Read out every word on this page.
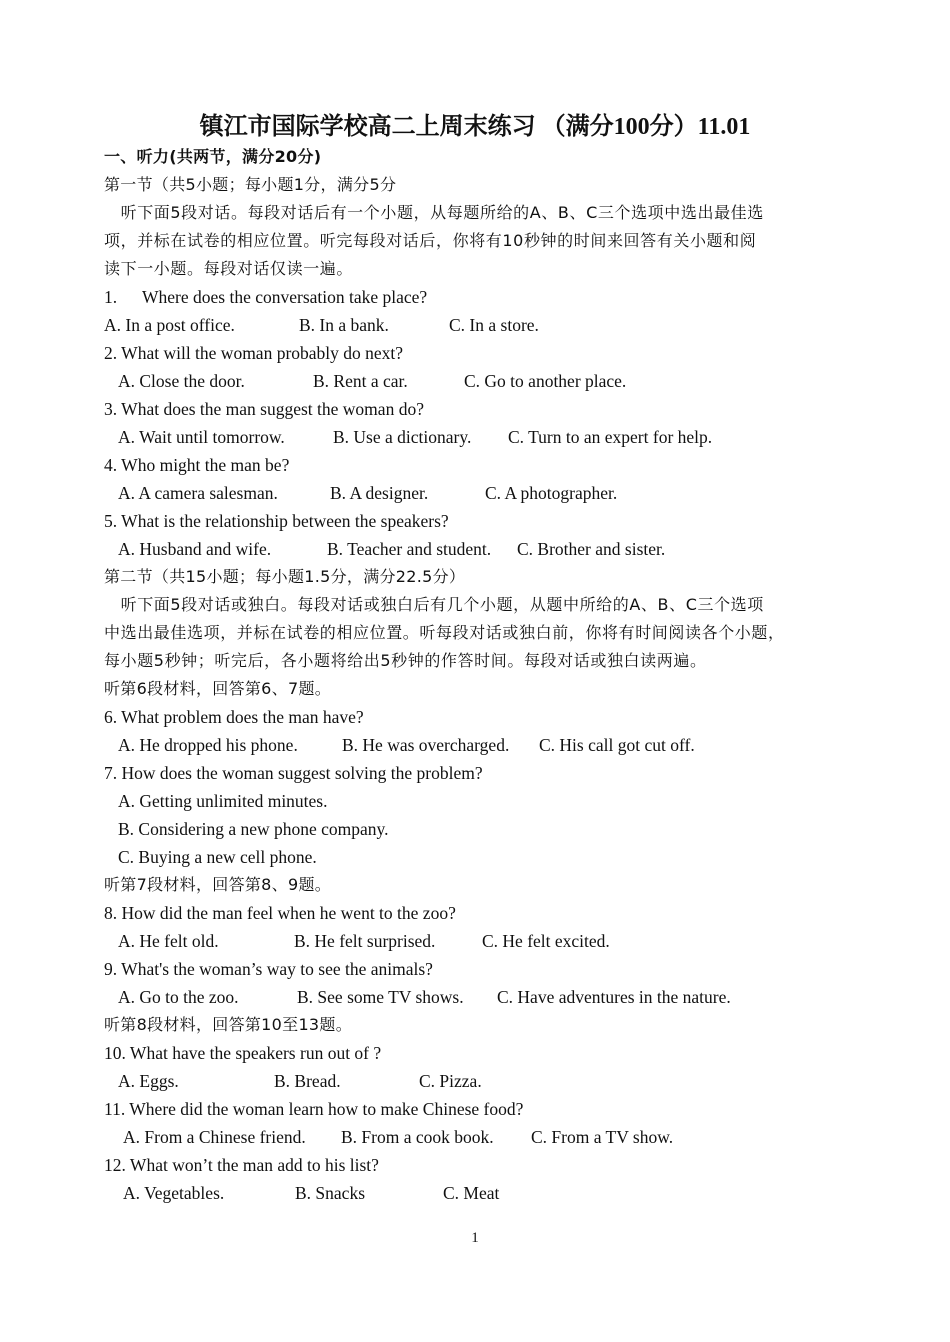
镇江市国际学校高二上周末练习 （满分100分）11.01
一、听力(共两节，满分20分)
第一节（共5小题；每小题1分，满分5分
　听下面5段对话。每段对话后有一个小题，从每题所给的A、B、C三个选项中选出最佳选
项，并标在试卷的相应位置。听完每段对话后，你将有10秒钟的时间来回答有关小题和阅
读下一小题。每段对话仅读一遍。
1. Where does the conversation take place?
A. In a post office.	B. In a bank.	C. In a store.
2. What will the woman probably do next?
A. Close the door.	B. Rent a car.	C. Go to another place.
3. What does the man suggest the woman do?
A. Wait until tomorrow.	B. Use a dictionary. C. Turn to an expert for help.
4. Who might the man be?
A. A camera salesman.	B. A designer.	C. A photographer.
5. What is the relationship between the speakers?
A. Husband and wife.	B. Teacher and student. C. Brother and sister.
第二节（共15小题；每小题1.5分，满分22.5分）
　听下面5段对话或独白。每段对话或独白后有几个小题，从题中所给的A、B、C三个选项
中选出最佳选项，并标在试卷的相应位置。听每段对话或独白前，你将有时间阅读各个小题，
每小题5秒钟；听完后，各小题将给出5秒钟的作答时间。每段对话或独白读两遍。
听第6段材料，回答第6、7题。
6. What problem does the man have?
A. He dropped his phone.	B. He was overcharged. C. His call got cut off.
7. How does the woman suggest solving the problem?
A. Getting unlimited minutes.
B. Considering a new phone company.
C. Buying a new cell phone.
听第7段材料，回答第8、9题。
8. How did the man feel when he went to the zoo?
A. He felt old.	B. He felt surprised.	C. He felt excited.
9. What's the woman’s way to see the animals?
A. Go to the zoo.	B. See some TV shows. C. Have adventures in the nature.
听第8段材料，回答第10至13题。
10. What have the speakers run out of ?
A. Eggs.	B. Bread.	C. Pizza.
11. Where did the woman learn how to make Chinese food?
A. From a Chinese friend. B. From a cook book. C. From a TV show.
12. What won’t the man add to his list?
A. Vegetables.	B. Snacks	C. Meat
1
